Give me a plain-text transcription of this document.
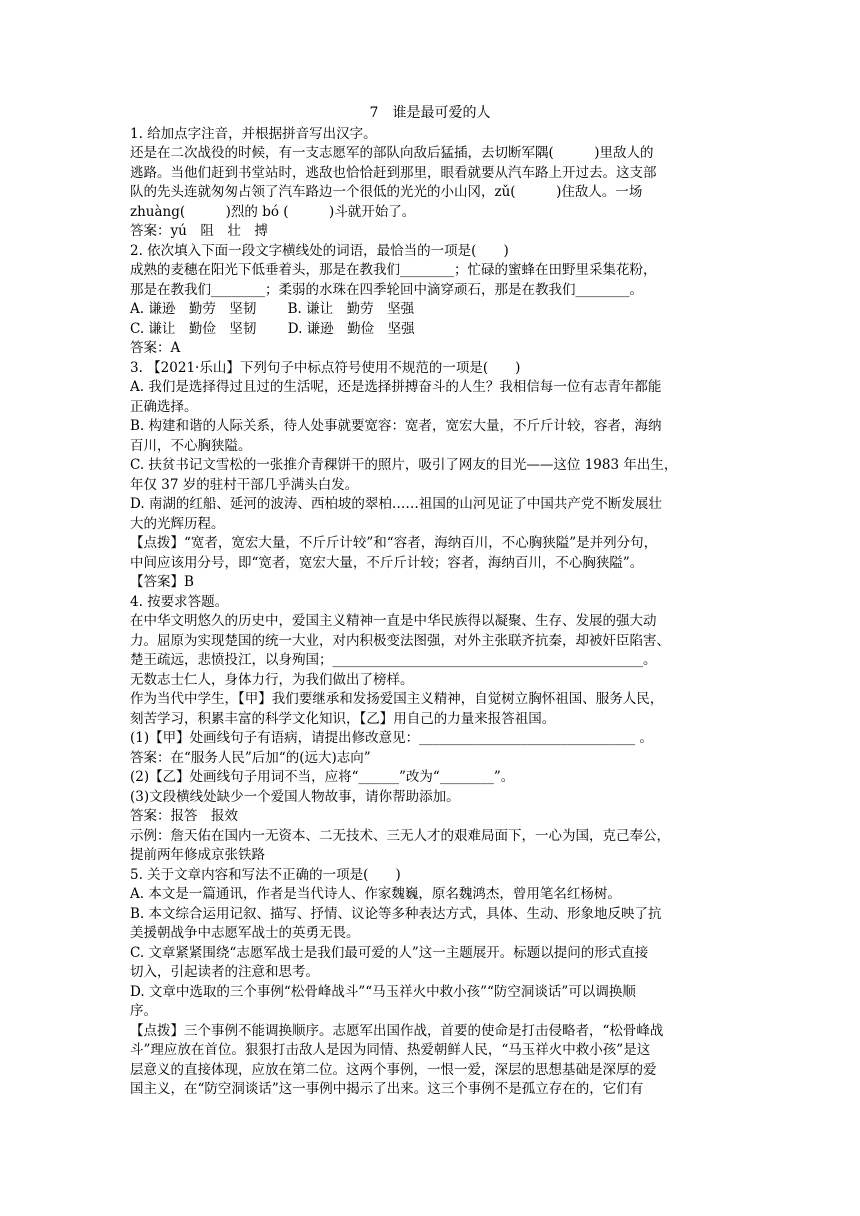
7　谁是最可爱的人
1. 给加点字注音，并根据拼音写出汉字。
还是在二次战役的时候，有一支志愿军的部队向敌后猛插，去切断军隅(　　　)里敌人的
逃路。当他们赶到书堂站时，逃敌也恰恰赶到那里，眼看就要从汽车路上开过去。这支部
队的先头连就匆匆占领了汽车路边一个很低的光光的小山冈，zǔ(　　　)住敌人。一场
zhuàng(　　　)烈的 bó (　　　)斗就开始了。
答案：yú　阻　壮　搏
2. 依次填入下面一段文字横线处的词语，最恰当的一项是(　　)
成熟的麦穗在阳光下低垂着头，那是在教我们________；忙碌的蜜蜂在田野里采集花粉，
那是在教我们________；柔弱的水珠在四季轮回中滴穿顽石，那是在教我们________。
A. 谦逊　勤劳　坚韧　　 B. 谦让　勤劳　坚强
C. 谦让　勤俭　坚韧　　 D. 谦逊　勤俭　坚强
答案：A
3. 【2021·乐山】下列句子中标点符号使用不规范的一项是(　　)
A. 我们是选择得过且过的生活呢，还是选择拼搏奋斗的人生？我相信每一位有志青年都能
正确选择。
B. 构建和谐的人际关系，待人处事就要宽容：宽者，宽宏大量，不斤斤计较，容者，海纳
百川，不心胸狭隘。
C. 扶贫书记文雪松的一张推介青稞饼干的照片，吸引了网友的目光——这位 1983 年出生，
年仅 37 岁的驻村干部几乎满头白发。
D. 南湖的红船、延河的波涛、西柏坡的翠柏……祖国的山河见证了中国共产党不断发展壮
大的光辉历程。
【点拨】“宽者，宽宏大量，不斤斤计较”和“容者，海纳百川，不心胸狭隘”是并列分句，
中间应该用分号，即“宽者，宽宏大量，不斤斤计较；容者，海纳百川，不心胸狭隘”。
【答案】B
4. 按要求答题。
在中华文明悠久的历史中，爱国主义精神一直是中华民族得以凝聚、生存、发展的强大动
力。屈原为实现楚国的统一大业，对内积极变法图强，对外主张联齐抗秦，却被奸臣陷害、
楚王疏远，悲愤投江，以身殉国；______________________________________________。
无数志士仁人，身体力行，为我们做出了榜样。
作为当代中学生，【甲】我们要继承和发扬爱国主义精神，自觉树立胸怀祖国、服务人民，
刻苦学习，积累丰富的科学文化知识，【乙】用自己的力量来报答祖国。
(1)【甲】处画线句子有语病，请提出修改意见：________________________________ 。
答案：在“服务人民”后加“的(远大)志向”
(2)【乙】处画线句子用词不当，应将“______”改为“________”。
(3)文段横线处缺少一个爱国人物故事，请你帮助添加。
答案：报答　报效
示例：詹天佑在国内一无资本、二无技术、三无人才的艰难局面下，一心为国，克己奉公，
提前两年修成京张铁路
5. 关于文章内容和写法不正确的一项是(　　)
A. 本文是一篇通讯，作者是当代诗人、作家魏巍，原名魏鸿杰，曾用笔名红杨树。
B. 本文综合运用记叙、描写、抒情、议论等多种表达方式，具体、生动、形象地反映了抗
美援朝战争中志愿军战士的英勇无畏。
C. 文章紧紧围绕“志愿军战士是我们最可爱的人”这一主题展开。标题以提问的形式直接
切入，引起读者的注意和思考。
D. 文章中选取的三个事例“松骨峰战斗”“马玉祥火中救小孩”“防空洞谈话”可以调换顺
序。
【点拨】三个事例不能调换顺序。志愿军出国作战，首要的使命是打击侵略者，“松骨峰战
斗”理应放在首位。狠狠打击敌人是因为同情、热爱朝鲜人民，“马玉祥火中救小孩”是这
层意义的直接体现，应放在第二位。这两个事例，一恨一爱，深层的思想基础是深厚的爱
国主义，在“防空洞谈话”这一事例中揭示了出来。这三个事例不是孤立存在的，它们有
